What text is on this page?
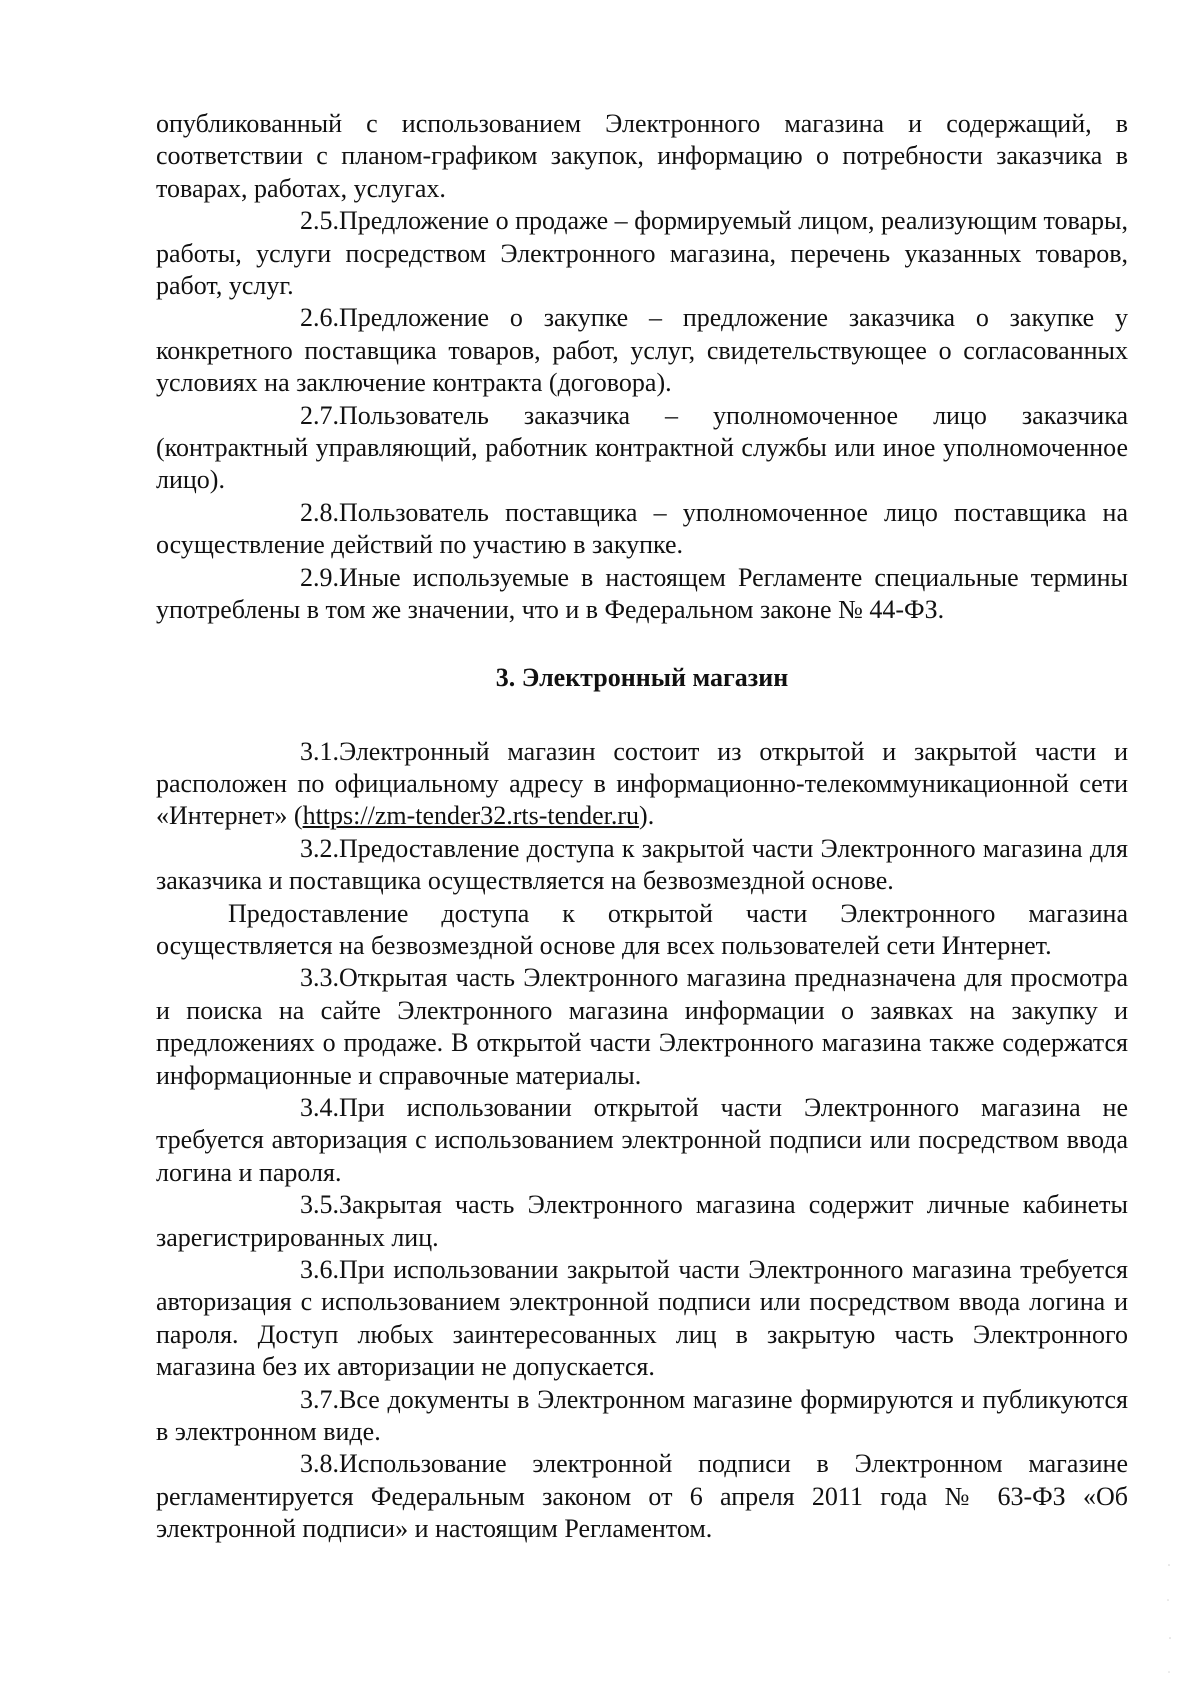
опубликованный с использованием Электронного магазина и содержащий, в соответствии с планом-графиком закупок, информацию о потребности заказчика в товарах, работах, услугах.

2.5.Предложение о продаже – формируемый лицом, реализующим товары, работы, услуги посредством Электронного магазина, перечень указанных товаров, работ, услуг.

2.6.Предложение о закупке – предложение заказчика о закупке у конкретного поставщика товаров, работ, услуг, свидетельствующее о согласованных условиях на заключение контракта (договора).

2.7.Пользователь заказчика – уполномоченное лицо заказчика (контрактный управляющий, работник контрактной службы или иное уполномоченное лицо).

2.8.Пользователь поставщика – уполномоченное лицо поставщика на осуществление действий по участию в закупке.

2.9.Иные используемые в настоящем Регламенте специальные термины употреблены в том же значении, что и в Федеральном законе № 44-ФЗ.

3. Электронный магазин

3.1.Электронный магазин состоит из открытой и закрытой части и расположен по официальному адресу в информационно-телекоммуникационной сети «Интернет» (https://zm-tender32.rts-tender.ru).

3.2.Предоставление доступа к закрытой части Электронного магазина для заказчика и поставщика осуществляется на безвозмездной основе.

Предоставление доступа к открытой части Электронного магазина осуществляется на безвозмездной основе для всех пользователей сети Интернет.

3.3.Открытая часть Электронного магазина предназначена для просмотра и поиска на сайте Электронного магазина информации о заявках на закупку и предложениях о продаже. В открытой части Электронного магазина также содержатся информационные и справочные материалы.

3.4.При использовании открытой части Электронного магазина не требуется авторизация с использованием электронной подписи или посредством ввода логина и пароля.

3.5.Закрытая часть Электронного магазина содержит личные кабинеты зарегистрированных лиц.

3.6.При использовании закрытой части Электронного магазина требуется авторизация с использованием электронной подписи или посредством ввода логина и пароля. Доступ любых заинтересованных лиц в закрытую часть Электронного магазина без их авторизации не допускается.

3.7.Все документы в Электронном магазине формируются и публикуются в электронном виде.

3.8.Использование электронной подписи в Электронном магазине регламентируется Федеральным законом от 6 апреля 2011 года № 63-ФЗ «Об электронной подписи» и настоящим Регламентом.
